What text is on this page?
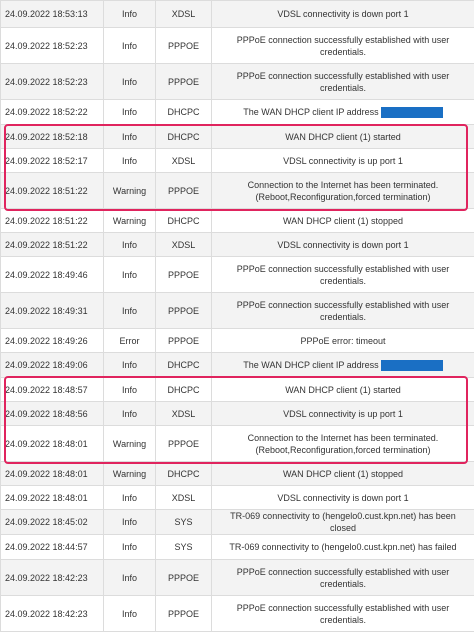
24.09.2022 18:53:13	Info	XDSL	VDSL connectivity is down port 1
24.09.2022 18:52:23	Info	PPPOE	PPPoE connection successfully established with user credentials.
24.09.2022 18:52:23	Info	PPPOE	PPPoE connection successfully established with user credentials.
24.09.2022 18:52:22	Info	DHCPC	The WAN DHCP client IP address
24.09.2022 18:52:18	Info	DHCPC	WAN DHCP client (1) started
24.09.2022 18:52:17	Info	XDSL	VDSL connectivity is up port 1
24.09.2022 18:51:22	Warning	PPPOE	Connection to the Internet has been terminated. (Reboot,Reconfiguration,forced termination)
24.09.2022 18:51:22	Warning	DHCPC	WAN DHCP client (1) stopped
24.09.2022 18:51:22	Info	XDSL	VDSL connectivity is down port 1
24.09.2022 18:49:46	Info	PPPOE	PPPoE connection successfully established with user credentials.
24.09.2022 18:49:31	Info	PPPOE	PPPoE connection successfully established with user credentials.
24.09.2022 18:49:26	Error	PPPOE	PPPoE error: timeout
24.09.2022 18:49:06	Info	DHCPC	The WAN DHCP client IP address
24.09.2022 18:48:57	Info	DHCPC	WAN DHCP client (1) started
24.09.2022 18:48:56	Info	XDSL	VDSL connectivity is up port 1
24.09.2022 18:48:01	Warning	PPPOE	Connection to the Internet has been terminated. (Reboot,Reconfiguration,forced termination)
24.09.2022 18:48:01	Warning	DHCPC	WAN DHCP client (1) stopped
24.09.2022 18:48:01	Info	XDSL	VDSL connectivity is down port 1
24.09.2022 18:45:02	Info	SYS	TR-069 connectivity to (hengelo0.cust.kpn.net) has been closed
24.09.2022 18:44:57	Info	SYS	TR-069 connectivity to (hengelo0.cust.kpn.net) has failed
24.09.2022 18:42:23	Info	PPPOE	PPPoE connection successfully established with user credentials.
24.09.2022 18:42:23	Info	PPPOE	PPPoE connection successfully established with user credentials.
